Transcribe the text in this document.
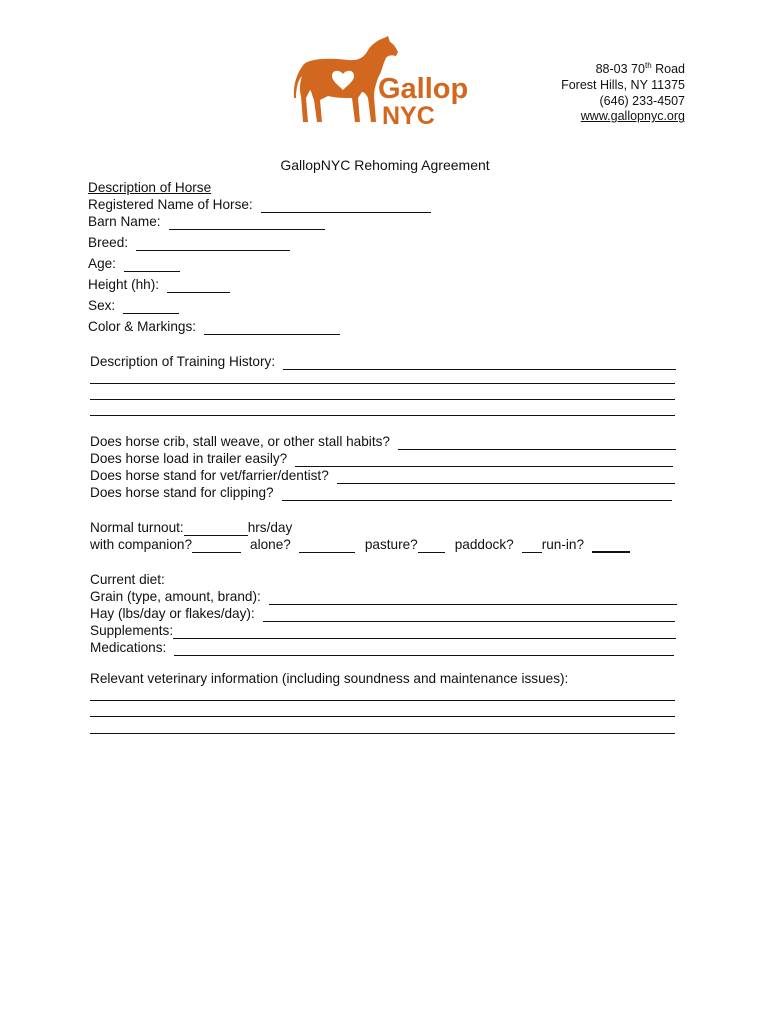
Gallop
NYC
88-03 70th Road
Forest Hills, NY 11375
(646) 233-4507
www.gallopnyc.org
GallopNYC Rehoming Agreement
Description of Horse
Registered Name of Horse:
Barn Name:
Breed:
Age:
Height (hh):
Sex:
Color & Markings:
Description of Training History:
Does horse crib, stall weave, or other stall habits?
Does horse load in trailer easily?
Does horse stand for vet/farrier/dentist?
Does horse stand for clipping?
Normal turnout:	hrs/day
with companion?	alone?	pasture?	paddock? run-in?
Current diet:
Grain (type, amount, brand):
Hay (lbs/day or flakes/day):
Supplements:
Medications:
Relevant veterinary information (including soundness and maintenance issues):
